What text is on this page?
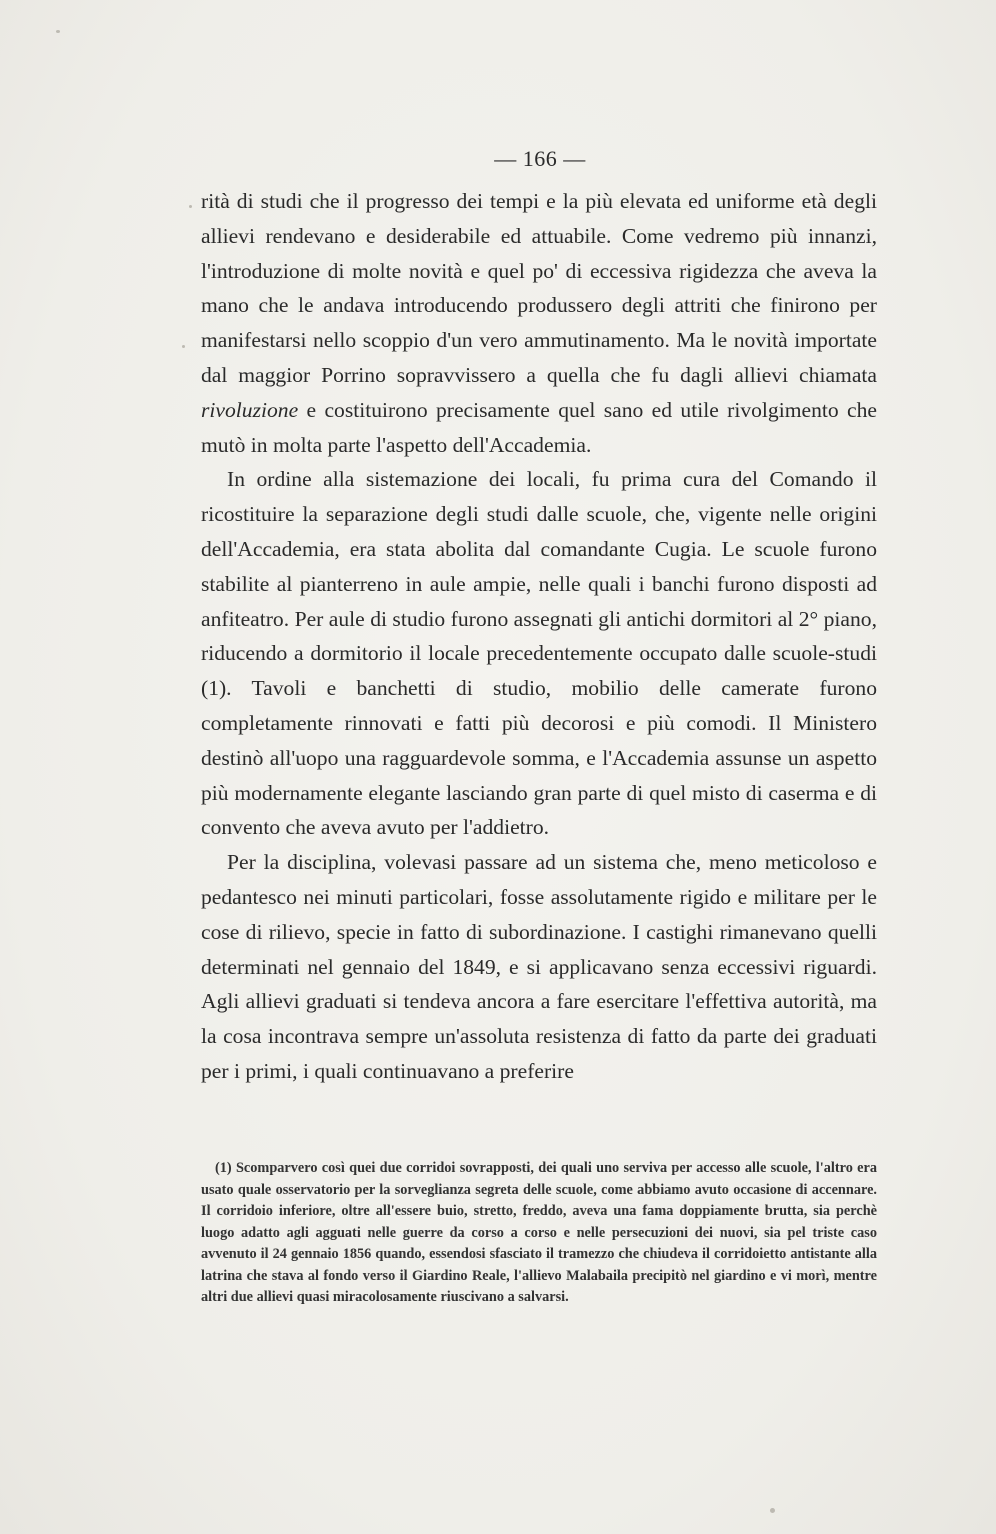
— 166 —

rità di studi che il progresso dei tempi e la più elevata ed uniforme età degli allievi rendevano e desiderabile ed attuabile. Come vedremo più innanzi, l'introduzione di molte novità e quel po' di eccessiva rigidezza che aveva la mano che le andava introducendo produssero degli attriti che finirono per manifestarsi nello scoppio d'un vero ammutinamento. Ma le novità importate dal maggior Porrino sopravvissero a quella che fu dagli allievi chiamata rivoluzione e costituirono precisamente quel sano ed utile rivolgimento che mutò in molta parte l'aspetto dell'Accademia.

In ordine alla sistemazione dei locali, fu prima cura del Comando il ricostituire la separazione degli studi dalle scuole, che, vigente nelle origini dell'Accademia, era stata abolita dal comandante Cugia. Le scuole furono stabilite al pianterreno in aule ampie, nelle quali i banchi furono disposti ad anfiteatro. Per aule di studio furono assegnati gli antichi dormitori al 2° piano, riducendo a dormitorio il locale precedentemente occupato dalle scuole-studi (1). Tavoli e banchetti di studio, mobilio delle camerate furono completamente rinnovati e fatti più decorosi e più comodi. Il Ministero destinò all'uopo una ragguardevole somma, e l'Accademia assunse un aspetto più modernamente elegante lasciando gran parte di quel misto di caserma e di convento che aveva avuto per l'addietro.

Per la disciplina, volevasi passare ad un sistema che, meno meticoloso e pedantesco nei minuti particolari, fosse assolutamente rigido e militare per le cose di rilievo, specie in fatto di subordinazione. I castighi rimanevano quelli determinati nel gennaio del 1849, e si applicavano senza eccessivi riguardi. Agli allievi graduati si tendeva ancora a fare esercitare l'effettiva autorità, ma la cosa incontrava sempre un'assoluta resistenza di fatto da parte dei graduati per i primi, i quali continuavano a preferire

(1) Scomparvero così quei due corridoi sovrapposti, dei quali uno serviva per accesso alle scuole, l'altro era usato quale osservatorio per la sorveglianza segreta delle scuole, come abbiamo avuto occasione di accennare. Il corridoio inferiore, oltre all'essere buio, stretto, freddo, aveva una fama doppiamente brutta, sia perchè luogo adatto agli agguati nelle guerre da corso a corso e nelle persecuzioni dei nuovi, sia pel triste caso avvenuto il 24 gennaio 1856 quando, essendosi sfasciato il tramezzo che chiudeva il corridoietto antistante alla latrina che stava al fondo verso il Giardino Reale, l'allievo Malabaila precipitò nel giardino e vi morì, mentre altri due allievi quasi miracolosamente riuscivano a salvarsi.
